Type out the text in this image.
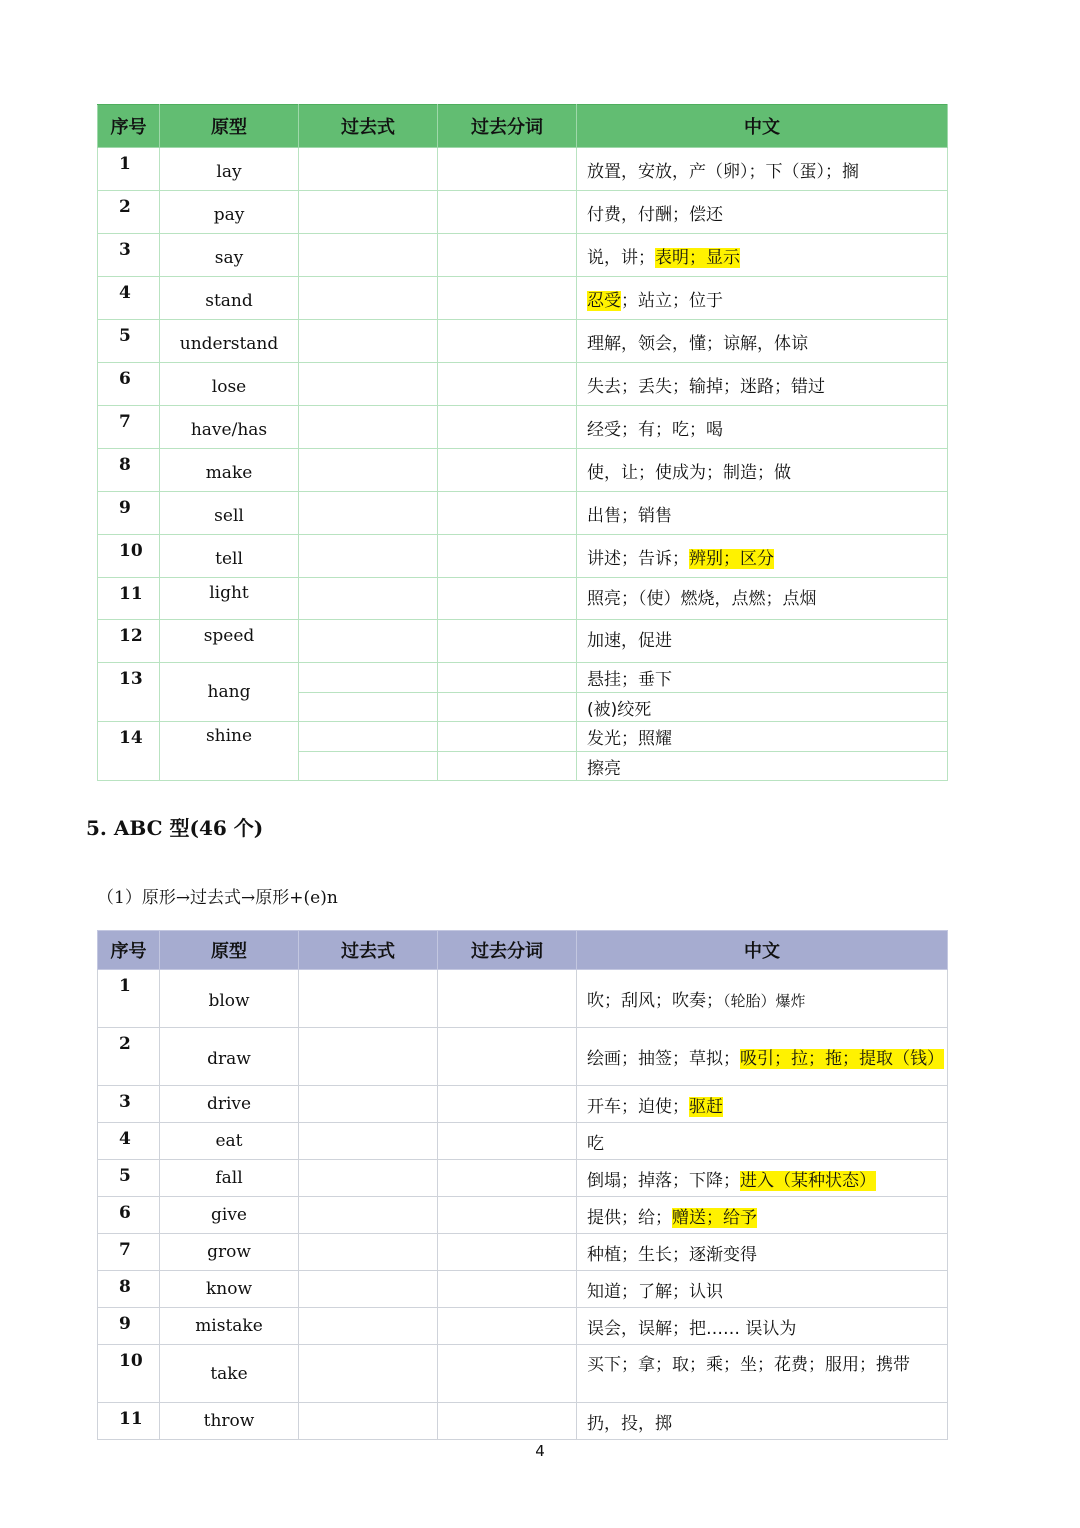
序号	原型	过去式	过去分词	中文
1	lay			放置，安放，产（卵）；下（蛋）；搁
2	pay			付费，付酬；偿还
3	say			说，讲；表明；显示
4	stand			忍受；站立；位于
5	understand			理解，领会，懂；谅解，体谅
6	lose			失去；丢失；输掉；迷路；错过
7	have/has			经受；有；吃；喝
8	make			使，让；使成为；制造；做
9	sell			出售；销售
10	tell			讲述；告诉；辨别；区分
11	light			照亮；（使）燃烧，点燃；点烟
12	speed			加速，促进
13	hang			悬挂；垂下
				(被)绞死
14	shine			发光；照耀
				擦亮
5. ABC 型(46 个)
（1）原形→过去式→原形+(e)n
序号	原型	过去式	过去分词	中文
1	blow			吹；刮风；吹奏；（轮胎）爆炸
2	draw			绘画；抽签；草拟；吸引；拉；拖；提取（钱）
3	drive			开车；迫使；驱赶
4	eat			吃
5	fall			倒塌；掉落；下降；进入（某种状态）
6	give			提供；给；赠送；给予
7	grow			种植；生长；逐渐变得
8	know			知道；了解；认识
9	mistake			误会，误解；把…… 误认为
10	take			买下；拿；取；乘；坐；花费；服用；携带
11	throw			扔，投，掷
4
